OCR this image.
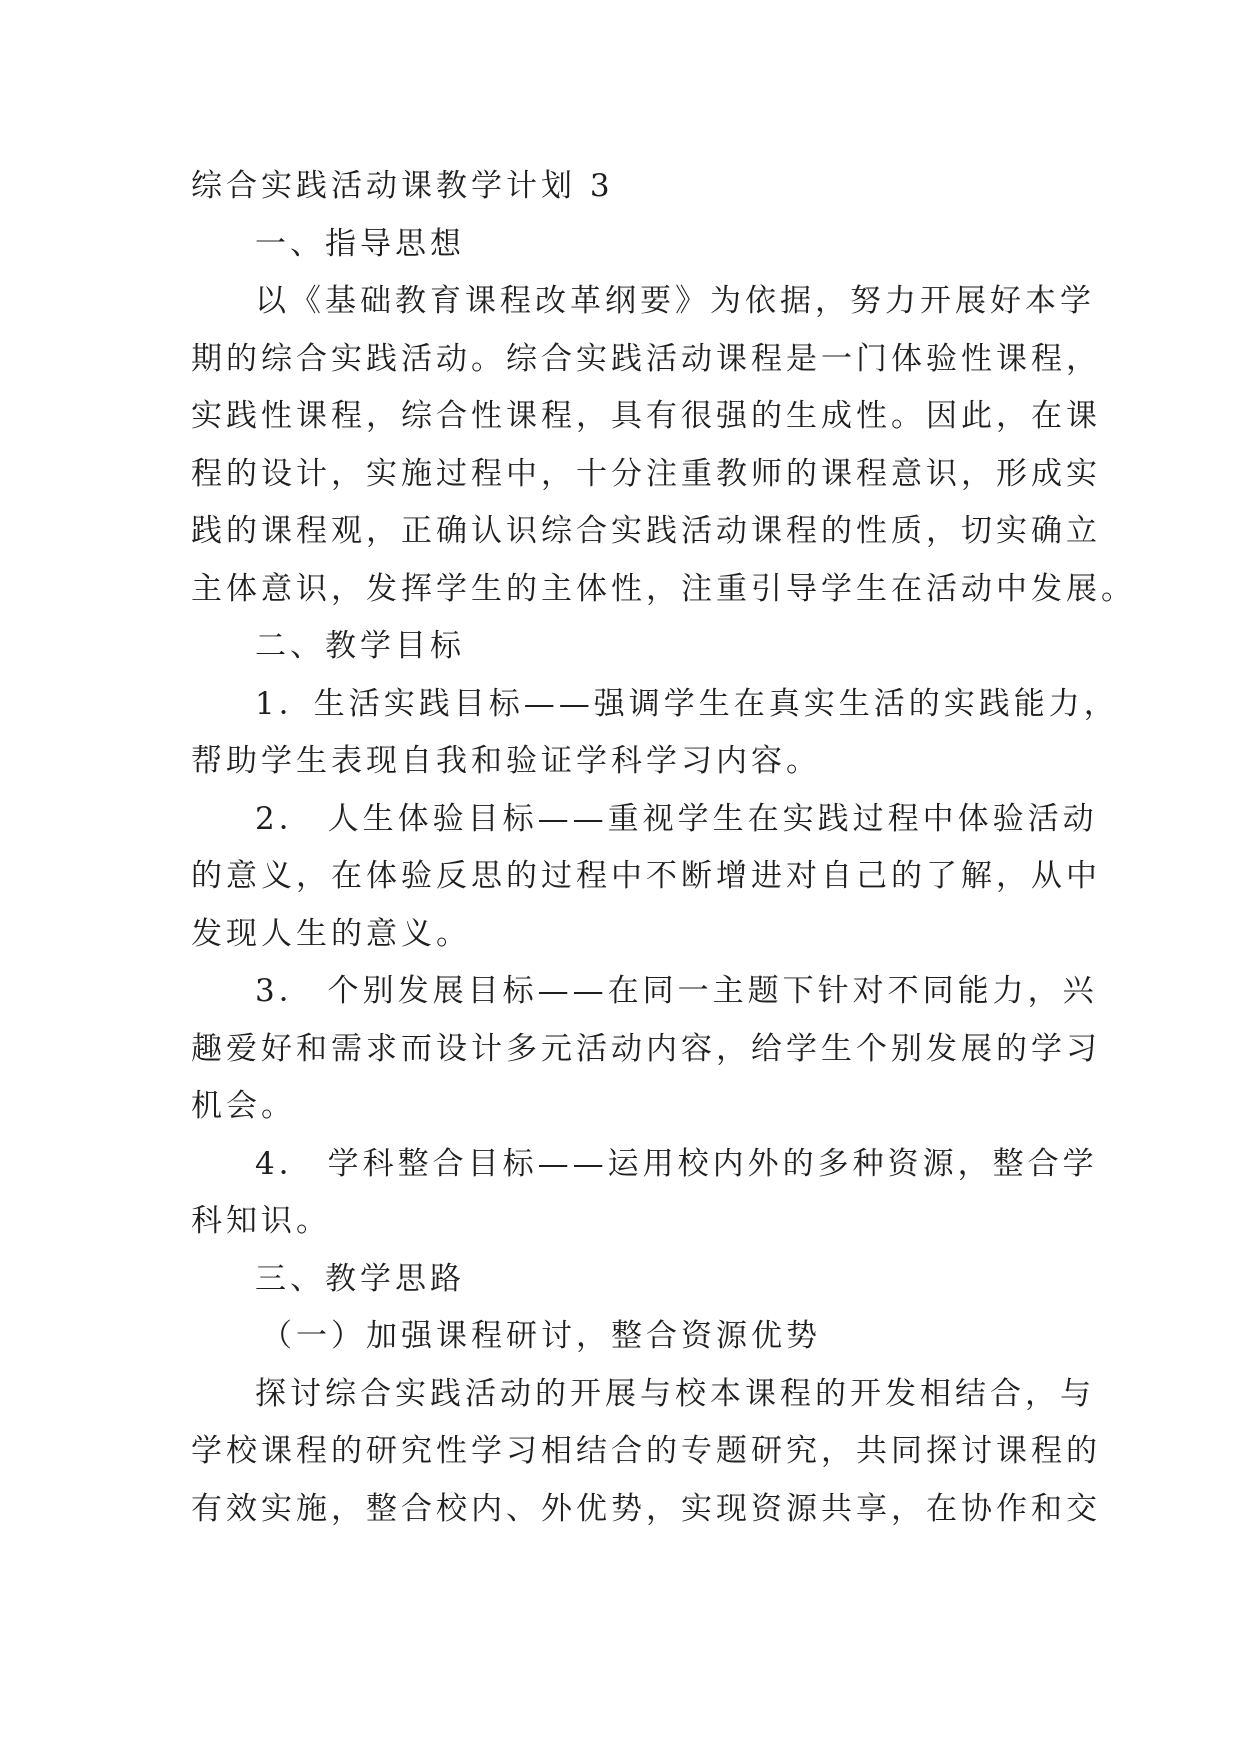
综合实践活动课教学计划 3
一、指导思想
以《基础教育课程改革纲要》为依据，努力开展好本学
期的综合实践活动。综合实践活动课程是一门体验性课程，
实践性课程，综合性课程，具有很强的生成性。因此，在课
程的设计，实施过程中，十分注重教师的课程意识，形成实
践的课程观，正确认识综合实践活动课程的性质，切实确立
主体意识，发挥学生的主体性，注重引导学生在活动中发展。
二、教学目标
1．生活实践目标——强调学生在真实生活的实践能力，
帮助学生表现自我和验证学科学习内容。
2． 人生体验目标——重视学生在实践过程中体验活动
的意义，在体验反思的过程中不断增进对自己的了解，从中
发现人生的意义。
3． 个别发展目标——在同一主题下针对不同能力，兴
趣爱好和需求而设计多元活动内容，给学生个别发展的学习
机会。
4． 学科整合目标——运用校内外的多种资源，整合学
科知识。
三、教学思路
（一）加强课程研讨，整合资源优势
探讨综合实践活动的开展与校本课程的开发相结合，与
学校课程的研究性学习相结合的专题研究，共同探讨课程的
有效实施，整合校内、外优势，实现资源共享，在协作和交
